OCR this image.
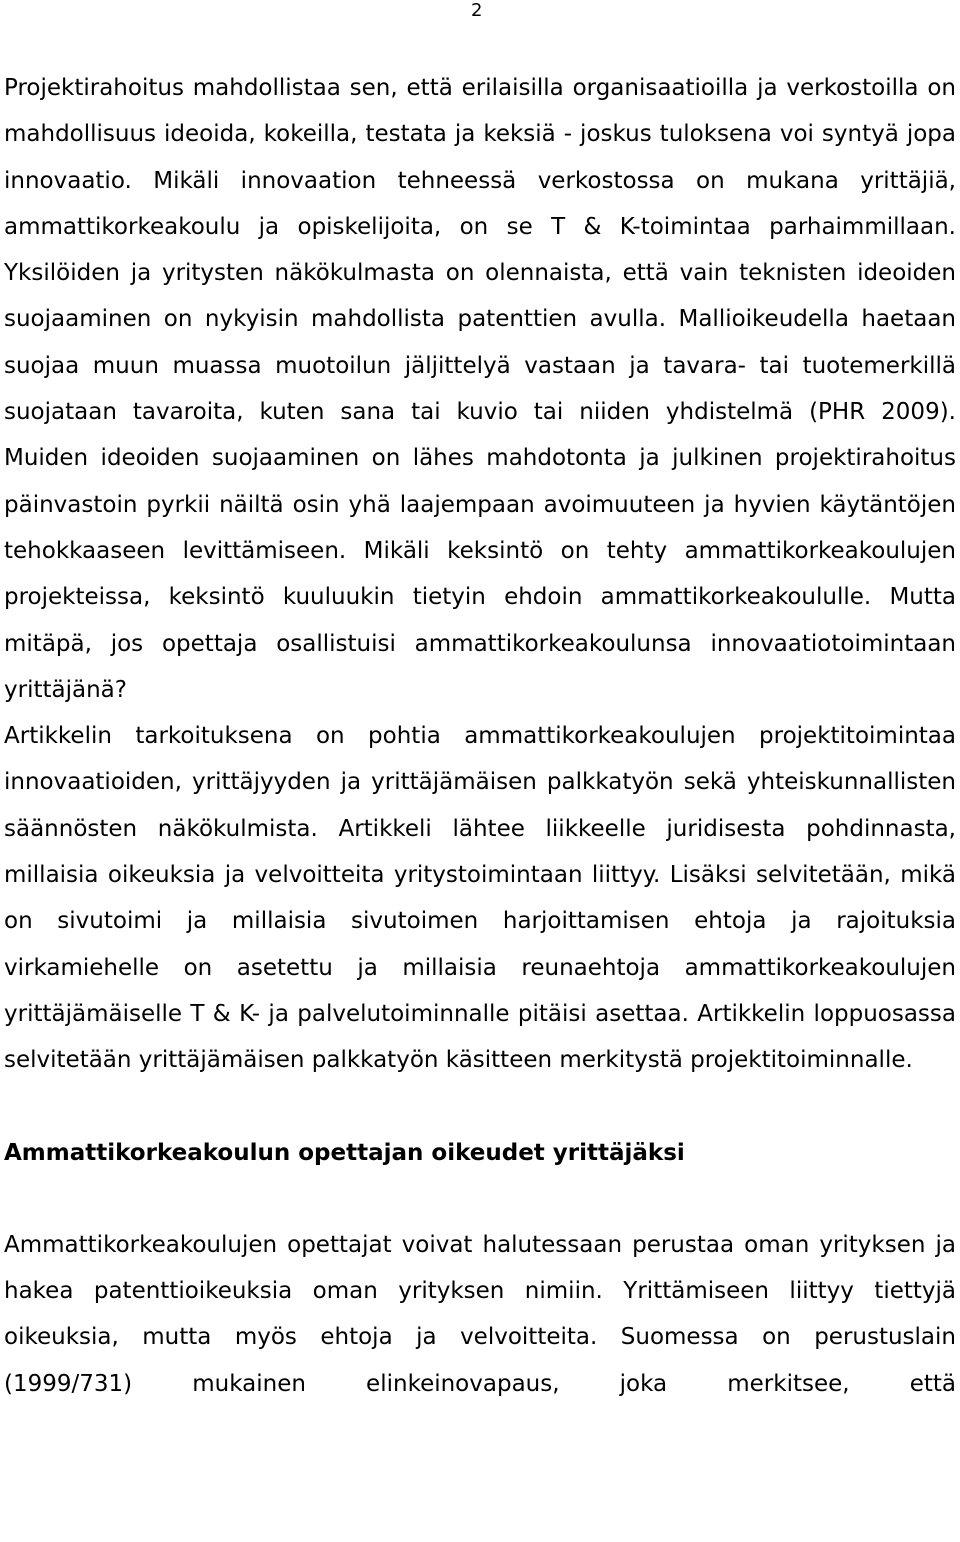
2

Projektirahoitus mahdollistaa sen, että erilaisilla organisaatioilla ja verkostoilla on mahdollisuus ideoida, kokeilla, testata ja keksiä - joskus tuloksena voi syntyä jopa innovaatio. Mikäli innovaation tehneessä verkostossa on mukana yrittäjiä, ammattikorkeakoulu ja opiskelijoita, on se T & K-toimintaa parhaimmillaan. Yksilöiden ja yritysten näkökulmasta on olennaista, että vain teknisten ideoiden suojaaminen on nykyisin mahdollista patenttien avulla. Mallioikeudella haetaan suojaa muun muassa muotoilun jäljittelyä vastaan ja tavara- tai tuotemerkillä suojataan tavaroita, kuten sana tai kuvio tai niiden yhdistelmä (PHR 2009). Muiden ideoiden suojaaminen on lähes mahdotonta ja julkinen projektirahoitus päinvastoin pyrkii näiltä osin yhä laajempaan avoimuuteen ja hyvien käytäntöjen tehokkaaseen levittämiseen. Mikäli keksintö on tehty ammattikorkeakoulujen projekteissa, keksintö kuuluukin tietyin ehdoin ammattikorkeakoululle. Mutta mitäpä, jos opettaja osallistuisi ammattikorkeakoulunsa innovaatiotoimintaan yrittäjänä?

Artikkelin tarkoituksena on pohtia ammattikorkeakoulujen projektitoimintaa innovaatioiden, yrittäjyyden ja yrittäjämäisen palkkatyön sekä yhteiskunnallisten säännösten näkökulmista. Artikkeli lähtee liikkeelle juridisesta pohdinnasta, millaisia oikeuksia ja velvoitteita yritystoimintaan liittyy. Lisäksi selvitetään, mikä on sivutoimi ja millaisia sivutoimen harjoittamisen ehtoja ja rajoituksia virkamiehelle on asetettu ja millaisia reunaehtoja ammattikorkeakoulujen yrittäjämäiselle T & K- ja palvelutoiminnalle pitäisi asettaa. Artikkelin loppuosassa selvitetään yrittäjämäisen palkkatyön käsitteen merkitystä projektitoiminnalle.

Ammattikorkeakoulun opettajan oikeudet yrittäjäksi

Ammattikorkeakoulujen opettajat voivat halutessaan perustaa oman yrityksen ja hakea patenttioikeuksia oman yrityksen nimiin. Yrittämiseen liittyy tiettyjä oikeuksia, mutta myös ehtoja ja velvoitteita. Suomessa on perustuslain (1999/731) mukainen elinkeinovapaus, joka merkitsee, että
